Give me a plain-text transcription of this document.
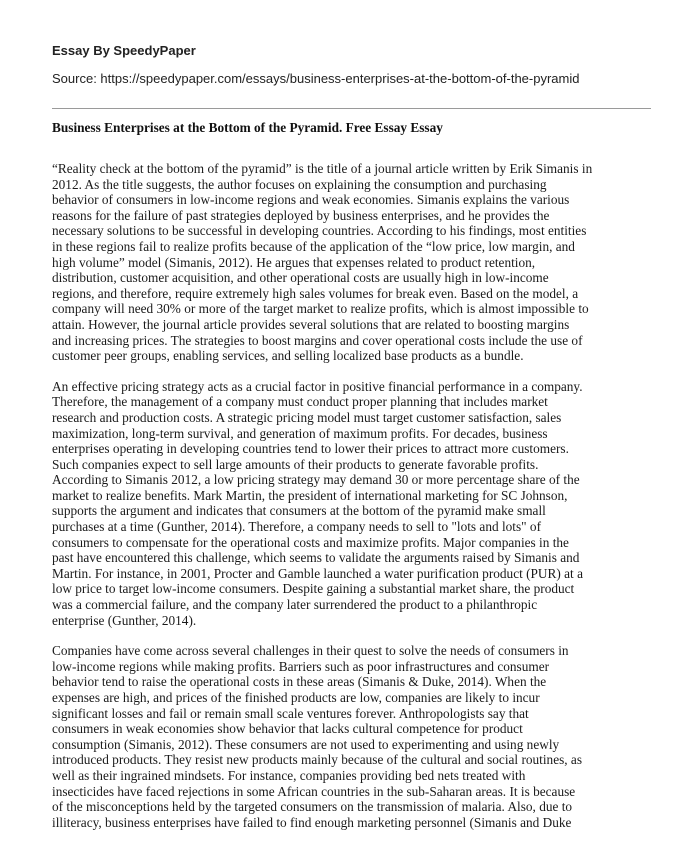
Essay By SpeedyPaper
Source: https://speedypaper.com/essays/business-enterprises-at-the-bottom-of-the-pyramid
Business Enterprises at the Bottom of the Pyramid. Free Essay Essay

“Reality check at the bottom of the pyramid” is the title of a journal article written by Erik Simanis in
2012. As the title suggests, the author focuses on explaining the consumption and purchasing
behavior of consumers in low-income regions and weak economies. Simanis explains the various
reasons for the failure of past strategies deployed by business enterprises, and he provides the
necessary solutions to be successful in developing countries. According to his findings, most entities
in these regions fail to realize profits because of the application of the “low price, low margin, and
high volume” model (Simanis, 2012). He argues that expenses related to product retention,
distribution, customer acquisition, and other operational costs are usually high in low-income
regions, and therefore, require extremely high sales volumes for break even. Based on the model, a
company will need 30% or more of the target market to realize profits, which is almost impossible to
attain. However, the journal article provides several solutions that are related to boosting margins
and increasing prices. The strategies to boost margins and cover operational costs include the use of
customer peer groups, enabling services, and selling localized base products as a bundle.

An effective pricing strategy acts as a crucial factor in positive financial performance in a company.
Therefore, the management of a company must conduct proper planning that includes market
research and production costs. A strategic pricing model must target customer satisfaction, sales
maximization, long-term survival, and generation of maximum profits. For decades, business
enterprises operating in developing countries tend to lower their prices to attract more customers.
Such companies expect to sell large amounts of their products to generate favorable profits.
According to Simanis 2012, a low pricing strategy may demand 30 or more percentage share of the
market to realize benefits. Mark Martin, the president of international marketing for SC Johnson,
supports the argument and indicates that consumers at the bottom of the pyramid make small
purchases at a time (Gunther, 2014). Therefore, a company needs to sell to "lots and lots" of
consumers to compensate for the operational costs and maximize profits. Major companies in the
past have encountered this challenge, which seems to validate the arguments raised by Simanis and
Martin. For instance, in 2001, Procter and Gamble launched a water purification product (PUR) at a
low price to target low-income consumers. Despite gaining a substantial market share, the product
was a commercial failure, and the company later surrendered the product to a philanthropic
enterprise (Gunther, 2014).

Companies have come across several challenges in their quest to solve the needs of consumers in
low-income regions while making profits. Barriers such as poor infrastructures and consumer
behavior tend to raise the operational costs in these areas (Simanis & Duke, 2014). When the
expenses are high, and prices of the finished products are low, companies are likely to incur
significant losses and fail or remain small scale ventures forever. Anthropologists say that
consumers in weak economies show behavior that lacks cultural competence for product
consumption (Simanis, 2012). These consumers are not used to experimenting and using newly
introduced products. They resist new products mainly because of the cultural and social routines, as
well as their ingrained mindsets. For instance, companies providing bed nets treated with
insecticides have faced rejections in some African countries in the sub-Saharan areas. It is because
of the misconceptions held by the targeted consumers on the transmission of malaria. Also, due to
illiteracy, business enterprises have failed to find enough marketing personnel (Simanis and Duke
